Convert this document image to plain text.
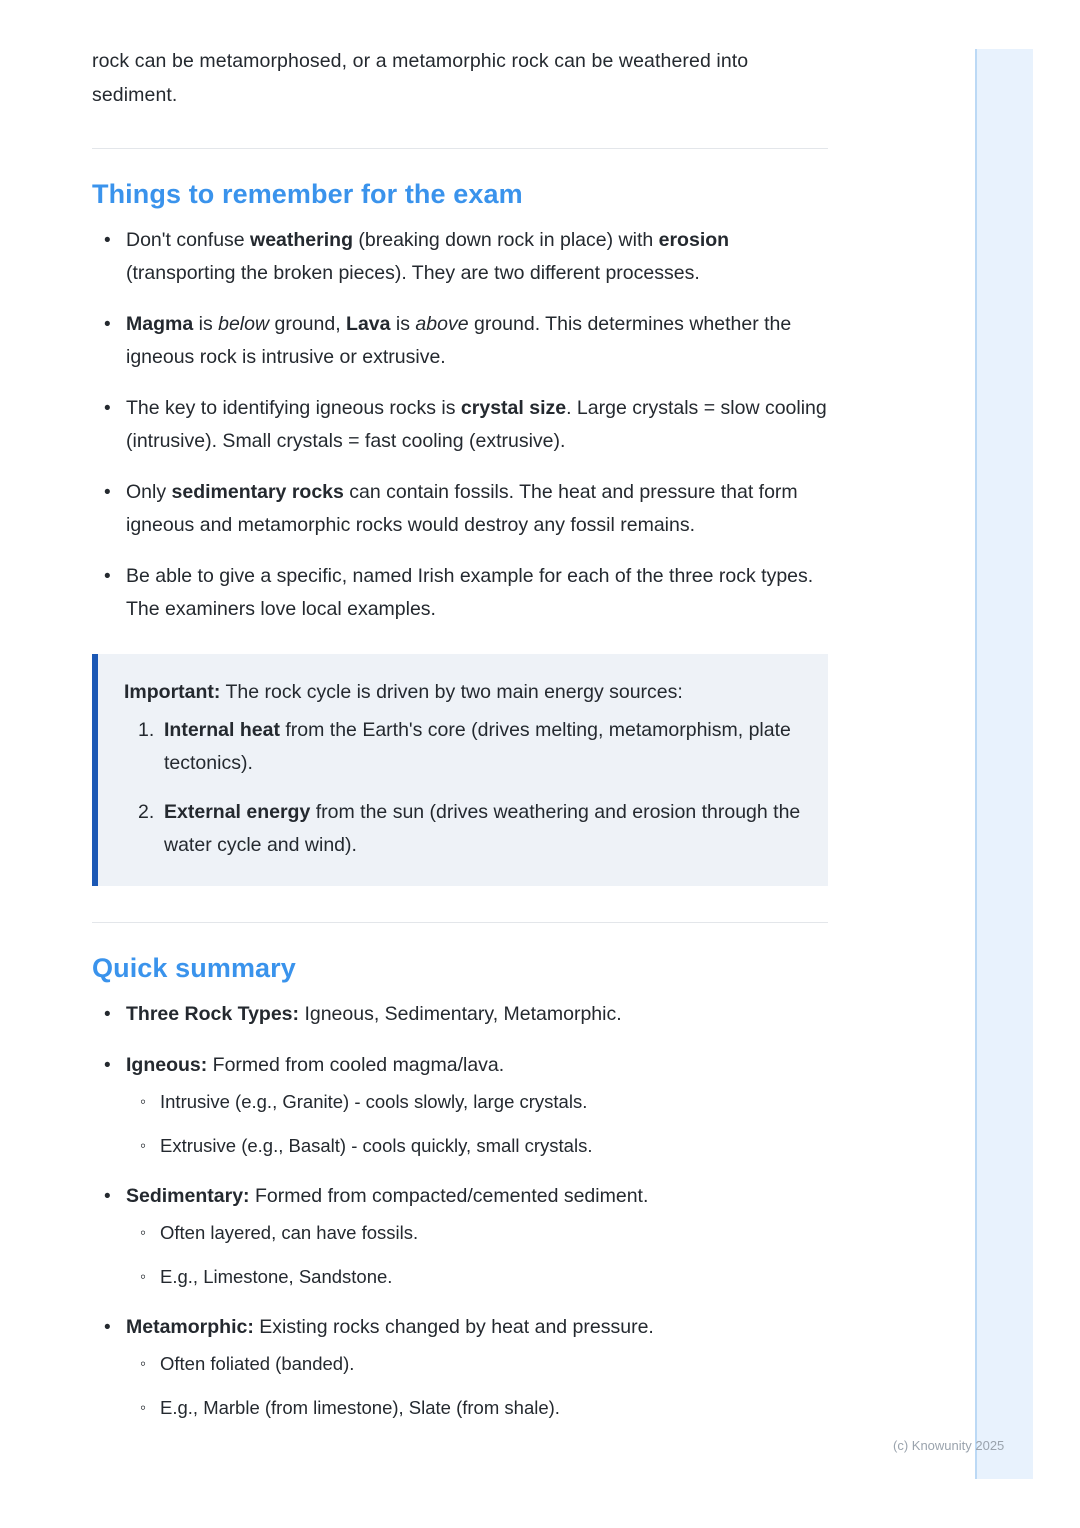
rock can be metamorphosed, or a metamorphic rock can be weathered into sediment.

Things to remember for the exam
• Don't confuse weathering (breaking down rock in place) with erosion (transporting the broken pieces). They are two different processes.
• Magma is below ground, Lava is above ground. This determines whether the igneous rock is intrusive or extrusive.
• The key to identifying igneous rocks is crystal size. Large crystals = slow cooling (intrusive). Small crystals = fast cooling (extrusive).
• Only sedimentary rocks can contain fossils. The heat and pressure that form igneous and metamorphic rocks would destroy any fossil remains.
• Be able to give a specific, named Irish example for each of the three rock types. The examiners love local examples.

Important: The rock cycle is driven by two main energy sources:

Internal heat from the Earth's core (drives melting, metamorphism, plate tectonics).
External energy from the sun (drives weathering and erosion through the water cycle and wind).
Quick summary
• Three Rock Types: Igneous, Sedimentary, Metamorphic.
• Igneous: Formed from cooled magma/lava.
◦ Intrusive (e.g., Granite) - cools slowly, large crystals.
◦ Extrusive (e.g., Basalt) - cools quickly, small crystals.
• Sedimentary: Formed from compacted/cemented sediment.
◦ Often layered, can have fossils.
◦ E.g., Limestone, Sandstone.
• Metamorphic: Existing rocks changed by heat and pressure.
◦ Often foliated (banded).
◦ E.g., Marble (from limestone), Slate (from shale).
(c) Knowunity 2025
